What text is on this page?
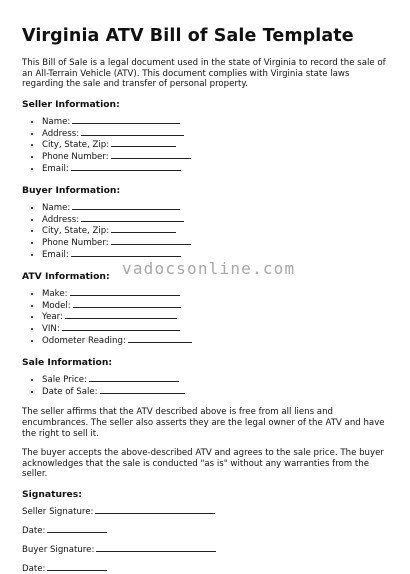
Virginia ATV Bill of Sale Template

This Bill of Sale is a legal document used in the state of Virginia to record the sale of an All-Terrain Vehicle (ATV). This document complies with Virginia state laws regarding the sale and transfer of personal property.

Seller Information:
• Name:
• Address:
• City, State, Zip:
• Phone Number:
• Email:
Buyer Information:
• Name:
• Address:
• City, State, Zip:
• Phone Number:
• Email:
ATV Information:
• Make:
• Model:
• Year:
• VIN:
• Odometer Reading:
Sale Information:
• Sale Price:
• Date of Sale:

The seller affirms that the ATV described above is free from all liens and encumbrances. The seller also asserts they are the legal owner of the ATV and have the right to sell it.

The buyer accepts the above-described ATV and agrees to the sale price. The buyer acknowledges that the sale is conducted "as is" without any warranties from the seller.

Signatures:
Seller Signature:
Date:
Buyer Signature:
Date:
vadocsonline.com
